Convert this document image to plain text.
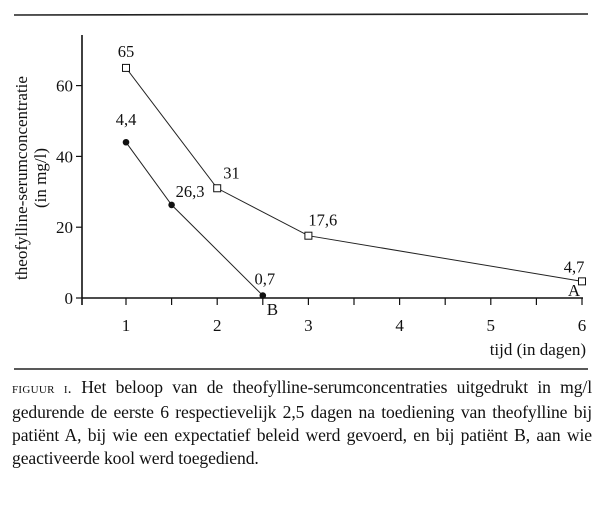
0
20
40
60
1	2	3	4	5	6
65
31
17,6
4,7
A
4,4
26,3
0,7
B
tijd (in dagen)
theofylline-serumconcentratie (in mg/l)
figuur i. Het beloop van de theofylline-serumconcentraties uitgedrukt in mg/l gedurende de eerste 6 respectievelijk 2,5 dagen na toediening van theofylline bij patiënt A, bij wie een expectatief beleid werd gevoerd, en bij patiënt B, aan wie geactiveerde kool werd toegediend.
